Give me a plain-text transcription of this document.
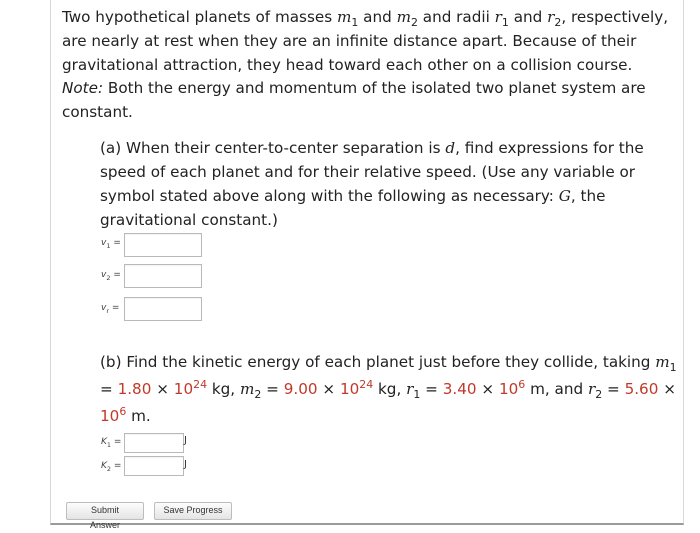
Two hypothetical planets of masses $m_1$ and $m_2$ and radii $r_1$ and $r_2$, respectively, are nearly at rest when they are an infinite distance apart. Because of their gravitational attraction, they head toward each other on a collision course. Note: Both the energy and momentum of the isolated two planet system are constant.
(a) When their center-to-center separation is d, find expressions for the speed of each planet and for their relative speed. (Use any variable or symbol stated above along with the following as necessary: G, the gravitational constant.)
$v_1$ =
$v_2$ =
$v_r$ =
(b) Find the kinetic energy of each planet just before they collide, taking $m_1 = 1.80 \times 10^{24}$ kg, $m_2 = 9.00 \times 10^{24}$ kg, $r_1 = 3.40 \times 10^6$ m, and $r_2 = 5.60 \times 10^6$ m.
$K_1$ =	J
$K_2$ =	J
Submit Answer
Save Progress
